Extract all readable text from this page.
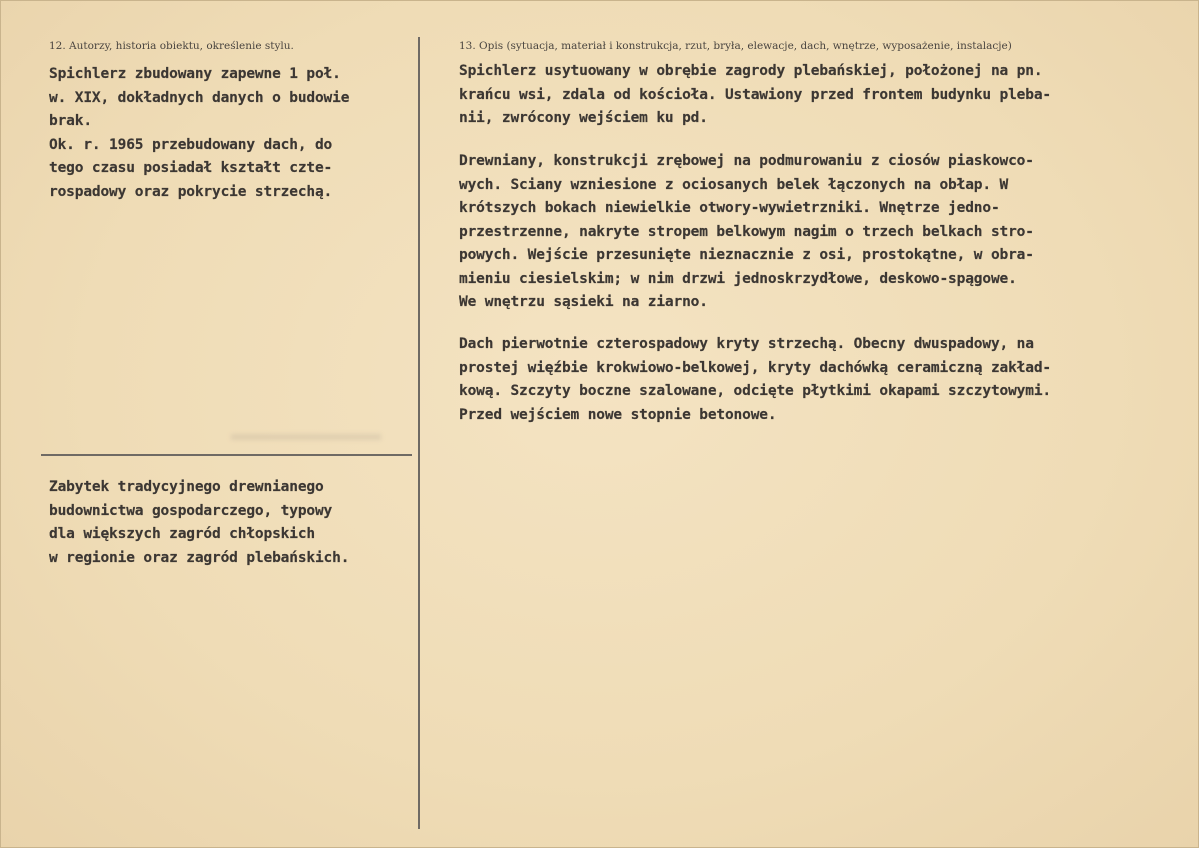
12. Autorzy, historia obiektu, określenie stylu.	13. Opis (sytuacja, materiał i konstrukcja, rzut, bryła, elewacje, dach, wnętrze, wyposażenie, instalacje)
Spichlerz zbudowany zapewne 1 poł.
w. XIX, dokładnych danych o budowie
brak.
Ok. r. 1965 przebudowany dach, do
tego czasu posiadał kształt czte-
rospadowy oraz pokrycie strzechą.
Zabytek tradycyjnego drewnianego
budownictwa gospodarczego, typowy
dla większych zagród chłopskich
w regionie oraz zagród plebańskich.
Spichlerz usytuowany w obrębie zagrody plebańskiej, położonej na pn.
krańcu wsi, zdala od kościoła. Ustawiony przed frontem budynku pleba-
nii, zwrócony wejściem ku pd.
Drewniany, konstrukcji zrębowej na podmurowaniu z ciosów piaskowco-
wych. Sciany wzniesione z ociosanych belek łączonych na obłap. W
krótszych bokach niewielkie otwory-wywietrzniki. Wnętrze jedno-
przestrzenne, nakryte stropem belkowym nagim o trzech belkach stro-
powych. Wejście przesunięte nieznacznie z osi, prostokątne, w obra-
mieniu ciesielskim; w nim drzwi jednoskrzydłowe, deskowo-spągowe.
We wnętrzu sąsieki na ziarno.
Dach pierwotnie czterospadowy kryty strzechą. Obecny dwuspadowy, na
prostej więźbie krokwiowo-belkowej, kryty dachówką ceramiczną zakład-
kową. Szczyty boczne szalowane, odcięte płytkimi okapami szczytowymi.
Przed wejściem nowe stopnie betonowe.
